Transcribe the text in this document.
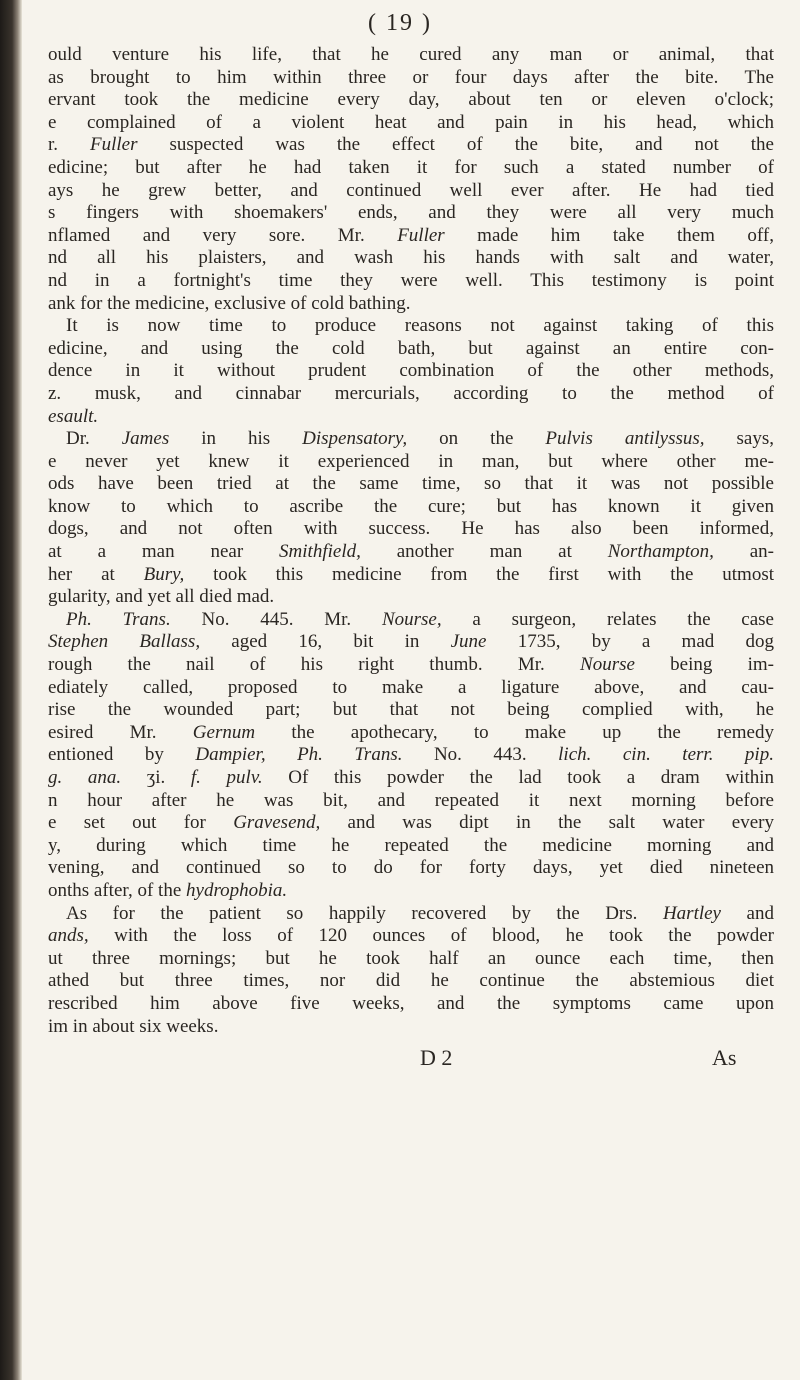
( 19 )

ould venture his life, that he cured any man or animal, that

as brought to him within three or four days after the bite. The

ervant took the medicine every day, about ten or eleven o'clock;

e complained of a violent heat and pain in his head, which

r. Fuller suspected was the effect of the bite, and not the

edicine; but after he had taken it for such a stated number of

ays he grew better, and continued well ever after. He had tied

s fingers with shoemakers' ends, and they were all very much

nflamed and very sore. Mr. Fuller made him take them off,

nd all his plaisters, and wash his hands with salt and water,

nd in a fortnight's time they were well. This testimony is point

ank for the medicine, exclusive of cold bathing.

It is now time to produce reasons not against taking of this

edicine, and using the cold bath, but against an entire con-

dence in it without prudent combination of the other methods,

z. musk, and cinnabar mercurials, according to the method of

esault.

Dr. James in his Dispensatory, on the Pulvis antilyssus, says,

e never yet knew it experienced in man, but where other me-

ods have been tried at the same time, so that it was not possible

know to which to ascribe the cure; but has known it given

dogs, and not often with success. He has also been informed,

at a man near Smithfield, another man at Northampton, an-

her at Bury, took this medicine from the first with the utmost

gularity, and yet all died mad.

Ph. Trans. No. 445. Mr. Nourse, a surgeon, relates the case

Stephen Ballass, aged 16, bit in June 1735, by a mad dog

rough the nail of his right thumb. Mr. Nourse being im-

ediately called, proposed to make a ligature above, and cau-

rise the wounded part; but that not being complied with, he

esired Mr. Gernum the apothecary, to make up the remedy

entioned by Dampier, Ph. Trans. No. 443. lich. cin. terr. pip.

g. ana. ʒi. f. pulv. Of this powder the lad took a dram within

n hour after he was bit, and repeated it next morning before

e set out for Gravesend, and was dipt in the salt water every

y, during which time he repeated the medicine morning and

vening, and continued so to do for forty days, yet died nineteen

onths after, of the hydrophobia.

As for the patient so happily recovered by the Drs. Hartley and

ands, with the loss of 120 ounces of blood, he took the powder

ut three mornings; but he took half an ounce each time, then

athed but three times, nor did he continue the abstemious diet

rescribed him above five weeks, and the symptoms came upon

im in about six weeks.

D 2	As
